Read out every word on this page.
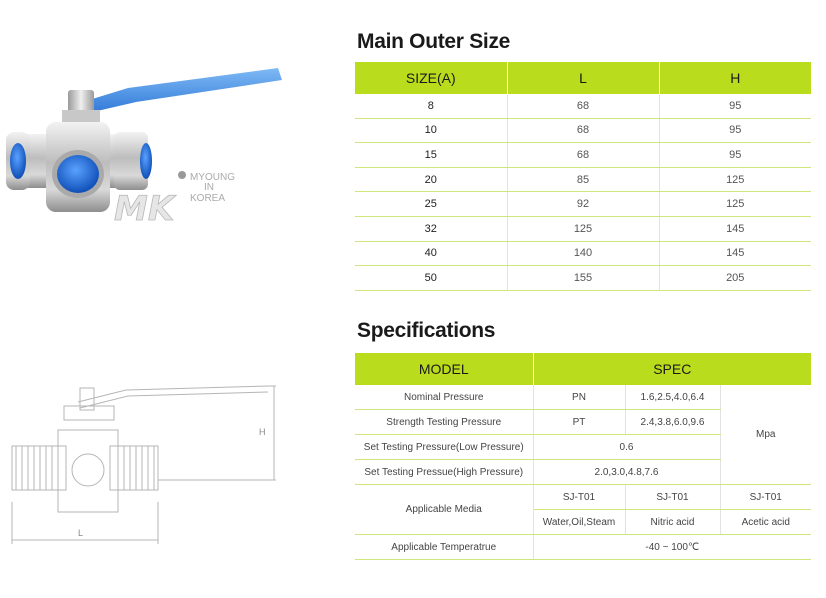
MK
MYOUNG
IN
KOREA
H
L
Main Outer Size
SIZE(A)	L	H
8	68	95
10	68	95
15	68	95
20	85	125
25	92	125
32	125	145
40	140	145
50	155	205
Specifications
MODEL	SPEC		
Nominal Pressure	PN	1.6,2.5,4.0,6.4	Mpa
Strength Testing Pressure	PT	2.4,3.8,6.0,9.6	
Set Testing Pressure(Low Pressure)	0.6		
Set Testing Pressue(High Pressure)	2.0,3.0,4.8,7.6		
Applicable Media	SJ-T01	SJ-T01	SJ-T01
	Water,Oil,Steam	Nitric acid	Acetic acid
Applicable Temperatrue	-40 ~ 100℃		
